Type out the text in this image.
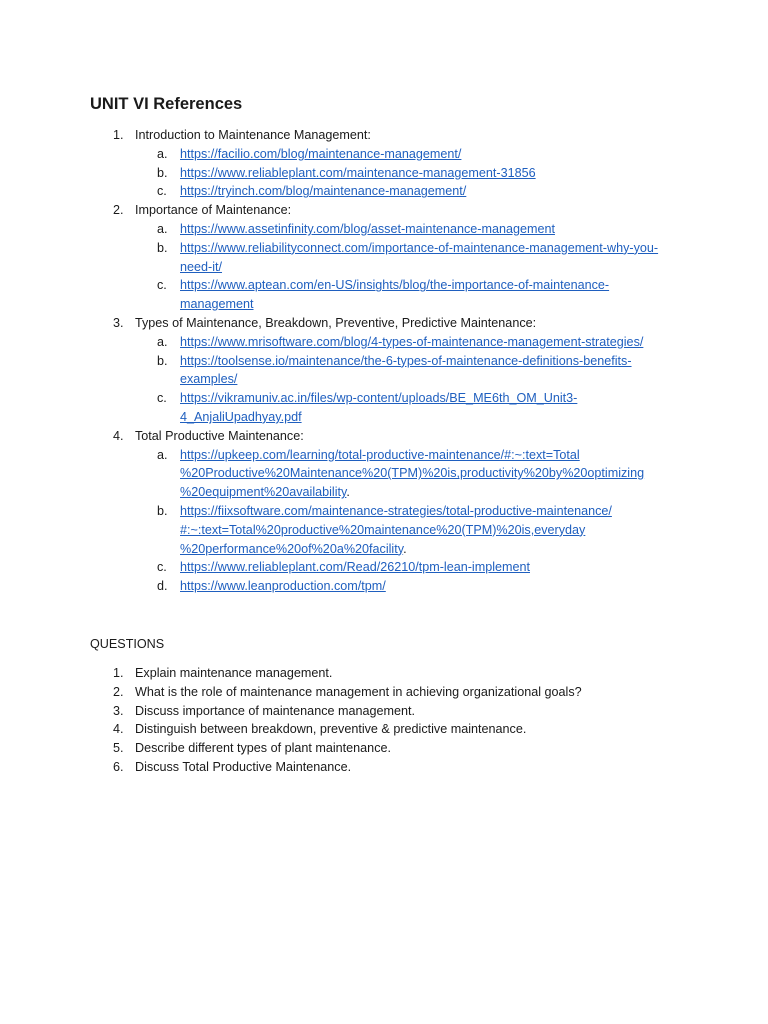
UNIT VI References

1. Introduction to Maintenance Management:

a. https://facilio.com/blog/maintenance-management/

b. https://www.reliableplant.com/maintenance-management-31856

c. https://tryinch.com/blog/maintenance-management/

2. Importance of Maintenance:

a. https://www.assetinfinity.com/blog/asset-maintenance-management

b. https://www.reliabilityconnect.com/importance-of-maintenance-management-why-you-

need-it/

c. https://www.aptean.com/en-US/insights/blog/the-importance-of-maintenance-

management

3. Types of Maintenance, Breakdown, Preventive, Predictive Maintenance:

a. https://www.mrisoftware.com/blog/4-types-of-maintenance-management-strategies/

b. https://toolsense.io/maintenance/the-6-types-of-maintenance-definitions-benefits-

examples/

c. https://vikramuniv.ac.in/files/wp-content/uploads/BE_ME6th_OM_Unit3-

4_AnjaliUpadhyay.pdf

4. Total Productive Maintenance:

a. https://upkeep.com/learning/total-productive-maintenance/#:~:text=Total

%20Productive%20Maintenance%20(TPM)%20is,productivity%20by%20optimizing

%20equipment%20availability.

b. https://fiixsoftware.com/maintenance-strategies/total-productive-maintenance/

#:~:text=Total%20productive%20maintenance%20(TPM)%20is,everyday

%20performance%20of%20a%20facility.

c. https://www.reliableplant.com/Read/26210/tpm-lean-implement

d. https://www.leanproduction.com/tpm/

QUESTIONS

1. Explain maintenance management.

2. What is the role of maintenance management in achieving organizational goals?

3. Discuss importance of maintenance management.

4. Distinguish between breakdown, preventive & predictive maintenance.

5. Describe different types of plant maintenance.

6. Discuss Total Productive Maintenance.
